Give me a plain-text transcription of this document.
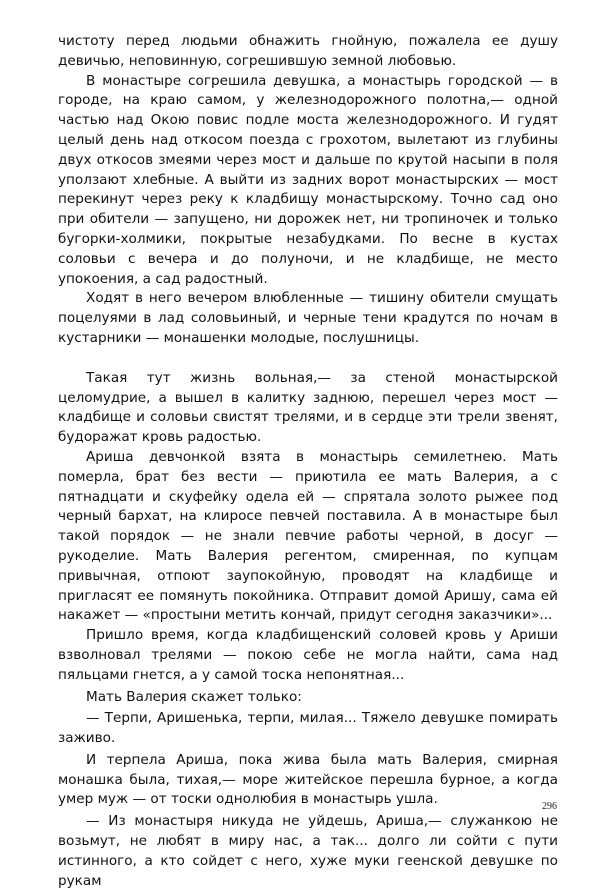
чистоту перед людьми обнажить гнойную, пожалела ее душу девичью, неповинную, согрешившую земной любовью.

В монастыре согрешила девушка, а монастырь городской — в городе, на краю самом, у железнодорожного полотна,— одной частью над Окою повис подле моста железнодорожного. И гудят целый день над откосом поезда с грохотом, вылетают из глубины двух откосов змеями через мост и дальше по крутой насыпи в поля уползают хлебные. А выйти из задних ворот монастырских — мост перекинут через реку к кладбищу монастырскому. Точно сад оно при обители — запущено, ни дорожек нет, ни тропиночек и только бугорки-холмики, покрытые незабудками. По весне в кустах соловьи с вечера и до полуночи, и не кладбище, не место упокоения, а сад радостный.

Ходят в него вечером влюбленные — тишину обители смущать поцелуями в лад соловьиный, и черные тени крадутся по ночам в кустарники — монашенки молодые, послушницы.

Такая тут жизнь вольная,— за стеной монастырской целомудрие, а вышел в калитку заднюю, перешел через мост — кладбище и соловьи свистят трелями, и в сердце эти трели звенят, будоражат кровь радостью.

Ариша девчонкой взята в монастырь семилетнею. Мать померла, брат без вести — приютила ее мать Валерия, а с пятнадцати и скуфейку одела ей — спрятала золото рыжее под черный бархат, на клиросе певчей поставила. А в монастыре был такой порядок — не знали певчие работы черной, в досуг — рукоделие. Мать Валерия регентом, смиренная, по купцам привычная, отпоют заупокойную, проводят на кладбище и пригласят ее помянуть покойника. Отправит домой Аришу, сама ей накажет — «простыни метить кончай, придут сегодня заказчики»...

Пришло время, когда кладбищенский соловей кровь у Ариши взволновал трелями — покою себе не могла найти, сама над пяльцами гнется, а у самой тоска непонятная...

Мать Валерия скажет только:

— Терпи, Аришенька, терпи, милая... Тяжело девушке помирать заживо.

И терпела Ариша, пока жива была мать Валерия, смирная монашка была, тихая,— море житейское перешла бурное, а когда умер муж — от тоски однолюбия в монастырь ушла.

— Из монастыря никуда не уйдешь, Ариша,— служанкою не возьмут, не любят в миру нас, а так... долго ли сойти с пути истинного, а кто сойдет с него, хуже муки геенской девушке по рукам

296
